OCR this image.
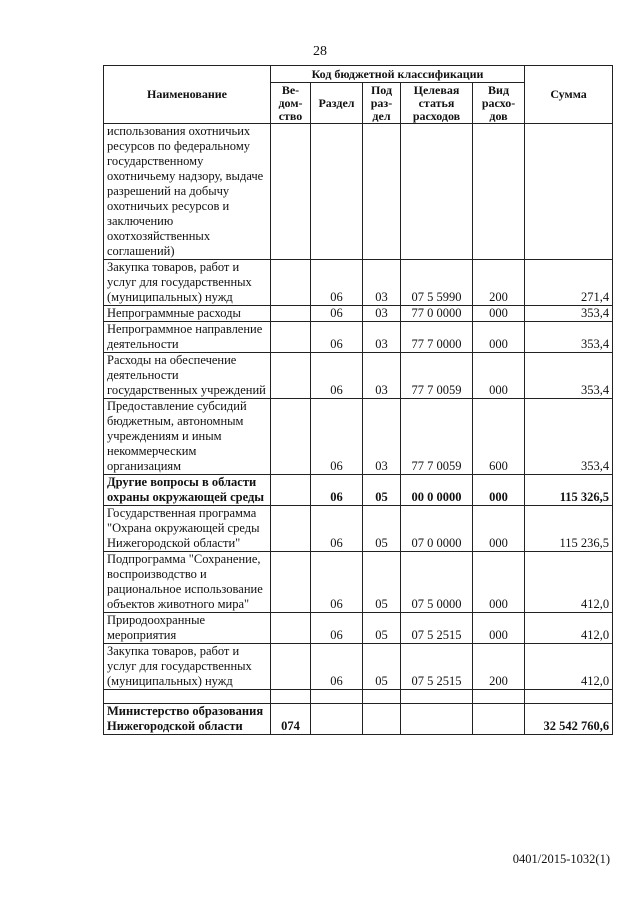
28
Наименование	Код бюджетной классификации					Сумма
	Ве-дом-ство	Раздел	Под раз-дел	Целевая статья расходов	Вид расхо-дов	
использования охотничьих ресурсов по федеральному государственному охотничьему надзору, выдаче разрешений на добычу охотничьих ресурсов и заключению охотхозяйственных соглашений)						
Закупка товаров, работ и услуг для государственных (муниципальных) нужд		06	03	07 5 5990	200	271,4
Непрограммные расходы		06	03	77 0 0000	000	353,4
Непрограммное направление деятельности		06	03	77 7 0000	000	353,4
Расходы на обеспечение деятельности государственных учреждений		06	03	77 7 0059	000	353,4
Предоставление субсидий бюджетным, автономным учреждениям и иным некоммерческим организациям		06	03	77 7 0059	600	353,4
Другие вопросы в области охраны окружающей среды		06	05	00 0 0000	000	115 326,5
Государственная программа "Охрана окружающей среды Нижегородской области"		06	05	07 0 0000	000	115 236,5
Подпрограмма "Сохранение, воспроизводство и рациональное использование объектов животного мира"		06	05	07 5 0000	000	412,0
Природоохранные мероприятия		06	05	07 5 2515	000	412,0
Закупка товаров, работ и услуг для государственных (муниципальных) нужд		06	05	07 5 2515	200	412,0

Министерство образования Нижегородской области	074					32 542 760,6
0401/2015-1032(1)
